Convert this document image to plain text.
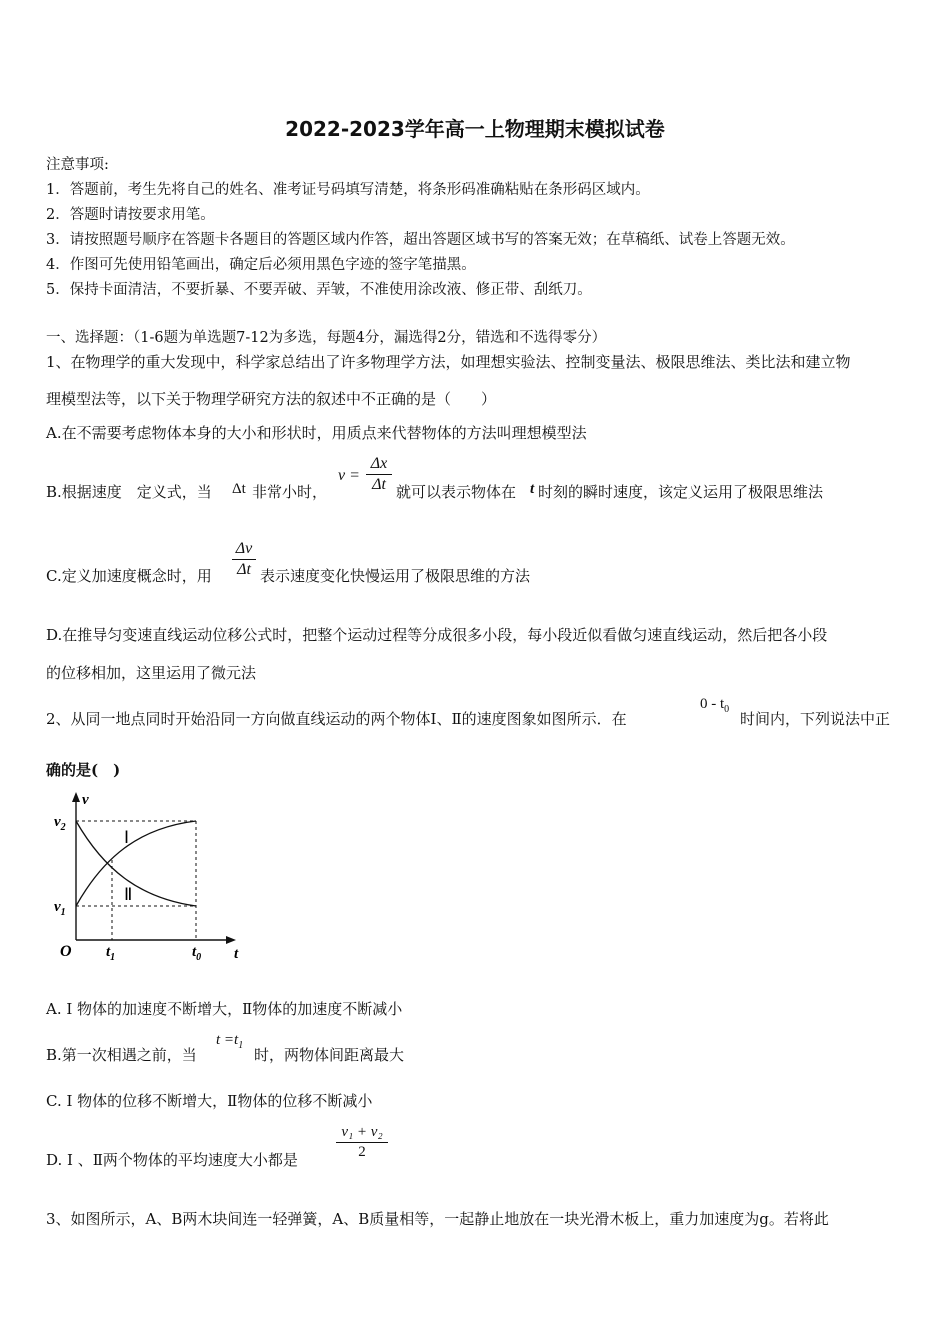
2022-2023学年高一上物理期末模拟试卷
注意事项:
1．答题前，考生先将自己的姓名、准考证号码填写清楚，将条形码准确粘贴在条形码区域内。
2．答题时请按要求用笔。
3．请按照题号顺序在答题卡各题目的答题区域内作答，超出答题区域书写的答案无效；在草稿纸、试卷上答题无效。
4．作图可先使用铅笔画出，确定后必须用黑色字迹的签字笔描黑。
5．保持卡面清洁，不要折暴、不要弄破、弄皱，不准使用涂改液、修正带、刮纸刀。
一、选择题：（1-6题为单选题7-12为多选，每题4分，漏选得2分，错选和不选得零分）
1、在物理学的重大发现中，科学家总结出了许多物理学方法，如理想实验法、控制变量法、极限思维法、类比法和建立物
理模型法等，以下关于物理学研究方法的叙述中不正确的是（　　）
A.在不需要考虑物体本身的大小和形状时，用质点来代替物体的方法叫理想模型法
B.根据速度　定义式，当 Δt 非常小时，
v =
Δx
Δt 就可以表示物体在 t 时刻的瞬时速度，该定义运用了极限思维法
C.定义加速度概念时，用
Δv
Δt 表示速度变化快慢运用了极限思维的方法
D.在推导匀变速直线运动位移公式时，把整个运动过程等分成很多小段，每小段近似看做匀速直线运动，然后把各小段
的位移相加，这里运用了微元法
2、从同一地点同时开始沿同一方向做直线运动的两个物体Ⅰ、Ⅱ的速度图象如图所示．在
$0 - t_0$
时间内，下列说法中正
确的是(　)
v
t
O
$v_2$
$v_1$
$t_1$	$t_0$
Ⅰ
Ⅱ
A. Ⅰ 物体的加速度不断增大，Ⅱ物体的加速度不断减小
B.第一次相遇之前，当
$t =t_1$
时，两物体间距离最大
C. Ⅰ 物体的位移不断增大，Ⅱ物体的位移不断减小
D. Ⅰ 、Ⅱ两个物体的平均速度大小都是
v₁ + v₂
2
3、如图所示，A、B两木块间连一轻弹簧，A、B质量相等，一起静止地放在一块光滑木板上，重力加速度为g。若将此
